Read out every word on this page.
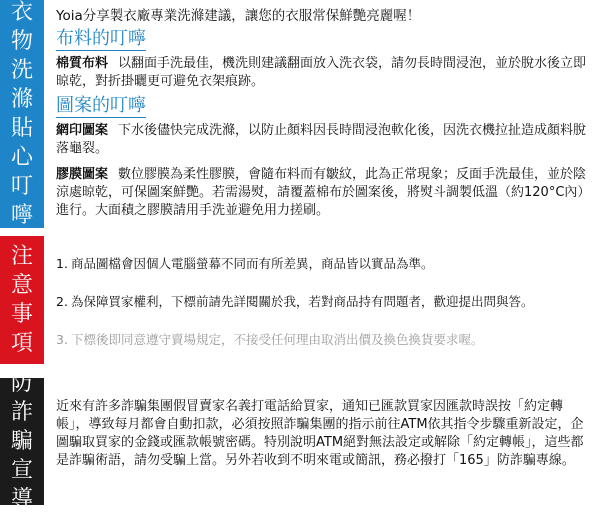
衣
物
洗
滌
貼
心
叮
嚀
注
意
事
項
防
詐
騙
宣
導

Yoia分享製衣廠專業洗滌建議，讓您的衣服常保鮮艷亮麗喔！

布料的叮嚀

棉質布料 以翻面手洗最佳，機洗則建議翻面放入洗衣袋，請勿長時間浸泡，並於脫水後立即晾乾，對折掛曬更可避免衣架痕跡。

圖案的叮嚀

網印圖案 下水後儘快完成洗滌，以防止顏料因長時間浸泡軟化後，因洗衣機拉扯造成顏料脫落龜裂。

膠膜圖案 數位膠膜為柔性膠膜，會隨布料而有皺紋，此為正常現象；反面手洗最佳，並於陰涼處晾乾，可保圖案鮮艷。若需湯熨，請覆蓋棉布於圖案後，將熨斗調製低溫（約120°C內）進行。大面積之膠膜請用手洗並避免用力搓刷。

1. 商品圖檔會因個人電腦螢幕不同而有所差異，商品皆以實品為準。

2. 為保障買家權利，下標前請先詳閱關於我，若對商品持有問題者，歡迎提出問與答。

3. 下標後即同意遵守賣場規定，不接受任何理由取消出價及換色換貨要求喔。

近來有許多詐騙集團假冒賣家名義打電話給買家，通知已匯款買家因匯款時誤按「約定轉帳」，導致每月都會自動扣款，必須按照詐騙集團的指示前往ATM依其指令步驟重新設定，企圖騙取買家的金錢或匯款帳號密碼。特別說明ATM絕對無法設定或解除「約定轉帳」，這些都是詐騙術語，請勿受騙上當。另外若收到不明來電或簡訊，務必撥打「165」防詐騙專線。
